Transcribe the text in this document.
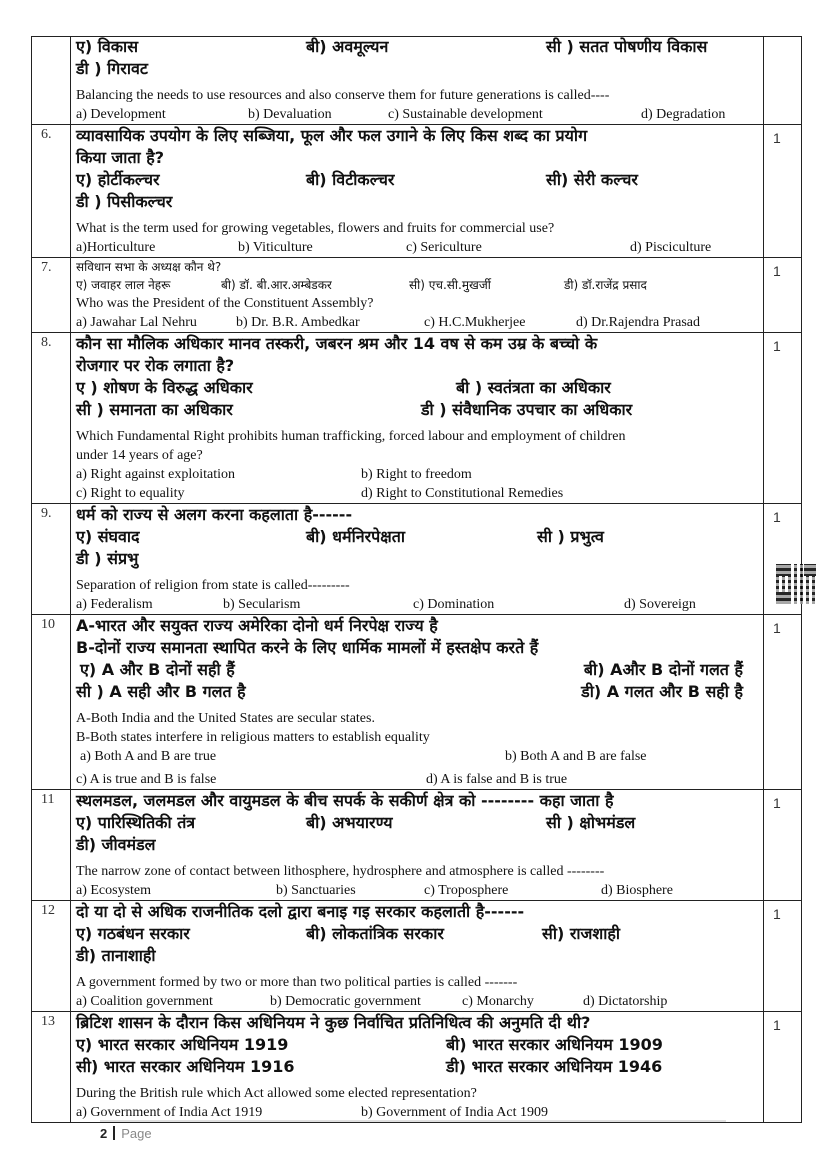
ए) विकास	बी) अवमूल्यन	सी ) सतत पोषणीय विकास
डी ) गिरावट
Balancing the needs to use resources and also conserve them for future generations is called----
a) Development	b) Devaluation	c) Sustainable development	d) Degradation

6.	व्यावसायिक उपयोग के लिए सब्जिया, फूल और फल उगाने के लिए किस शब्द का प्रयोग
किया जाता है?
ए) होर्टीकल्चर	बी) विटीकल्चर	सी) सेरी कल्चर
डी ) पिसीकल्चर
What is the term used for growing vegetables, flowers and fruits for commercial use?
a)Horticulture	b) Viticulture	c) Sericulture	d) Pisciculture
	1
7.	सविधान सभा के अध्यक्ष कौन थे?
ए) जवाहर लाल नेहरू	बी) डॉ. बी.आर.अम्बेडकर	सी) एच.सी.मुखर्जी	डी) डॉ.राजेंद्र प्रसाद
Who was the President of the Constituent Assembly?
a) Jawahar Lal Nehru	b) Dr. B.R. Ambedkar	c) H.C.Mukherjee	d) Dr.Rajendra Prasad
	1
8.	कौन सा मौलिक अधिकार मानव तस्करी, जबरन श्रम और 14 वष से कम उम्र के बच्चो के
रोजगार पर रोक लगाता है?
ए ) शोषण के विरुद्ध अधिकार	बी ) स्वतंत्रता का अधिकार
सी ) समानता का अधिकार	डी ) संवैधानिक उपचार का अधिकार
Which Fundamental Right prohibits human trafficking, forced labour and employment of children
under 14 years of age?
a) Right against exploitation	b) Right to freedom
c) Right to equality	d) Right to Constitutional Remedies
	1
9.	धर्म को राज्य से अलग करना कहलाता है------
ए) संघवाद	बी) धर्मनिरपेक्षता	सी ) प्रभुत्व
डी ) संप्रभु
Separation of religion from state is called---------
a) Federalism	b) Secularism	c) Domination	d) Sovereign
	1
10	A-भारत और सयुक्त राज्य अमेरिका दोनो धर्म निरपेक्ष राज्य है
B-दोनों राज्य समानता स्थापित करने के लिए धार्मिक मामलों में हस्तक्षेप करते हैं
ए) A और B दोनों सही हैं	बी) Aऔर B दोनों गलत हैं
सी ) A सही और B गलत है	डी) A गलत और B सही है
A-Both India and the United States are secular states.
B-Both states interfere in religious matters to establish equality
a) Both A and B are true	b) Both A and B are false
c) A is true and B is false	d) A is false and B is true
	1
11	स्थलमडल, जलमडल और वायुमडल के बीच सपर्क के सकीर्ण क्षेत्र को -------- कहा जाता है
ए) पारिस्थितिकी तंत्र	बी) अभयारण्य	सी ) क्षोभमंडल
डी) जीवमंडल
The narrow zone of contact between lithosphere, hydrosphere and atmosphere is called --------
a) Ecosystem	b) Sanctuaries	c) Troposphere	d) Biosphere
	1
12	दो या दो से अधिक राजनीतिक दलो द्वारा बनाइ गइ सरकार कहलाती है------
ए) गठबंधन सरकार	बी) लोकतांत्रिक सरकार	सी) राजशाही
डी) तानाशाही
A government formed by two or more than two political parties is called -------
a) Coalition government	b) Democratic government	c) Monarchy	d) Dictatorship
	1
13	ब्रिटिश शासन के दौरान किस अधिनियम ने कुछ निर्वाचित प्रतिनिधित्व की अनुमति दी थी?
ए) भारत सरकार अधिनियम 1919	बी) भारत सरकार अधिनियम 1909
सी) भारत सरकार अधिनियम 1916	डी) भारत सरकार अधिनियम 1946
During the British rule which Act allowed some elected representation?
a) Government of India Act 1919	b) Government of India Act 1909
	1
2 Page
